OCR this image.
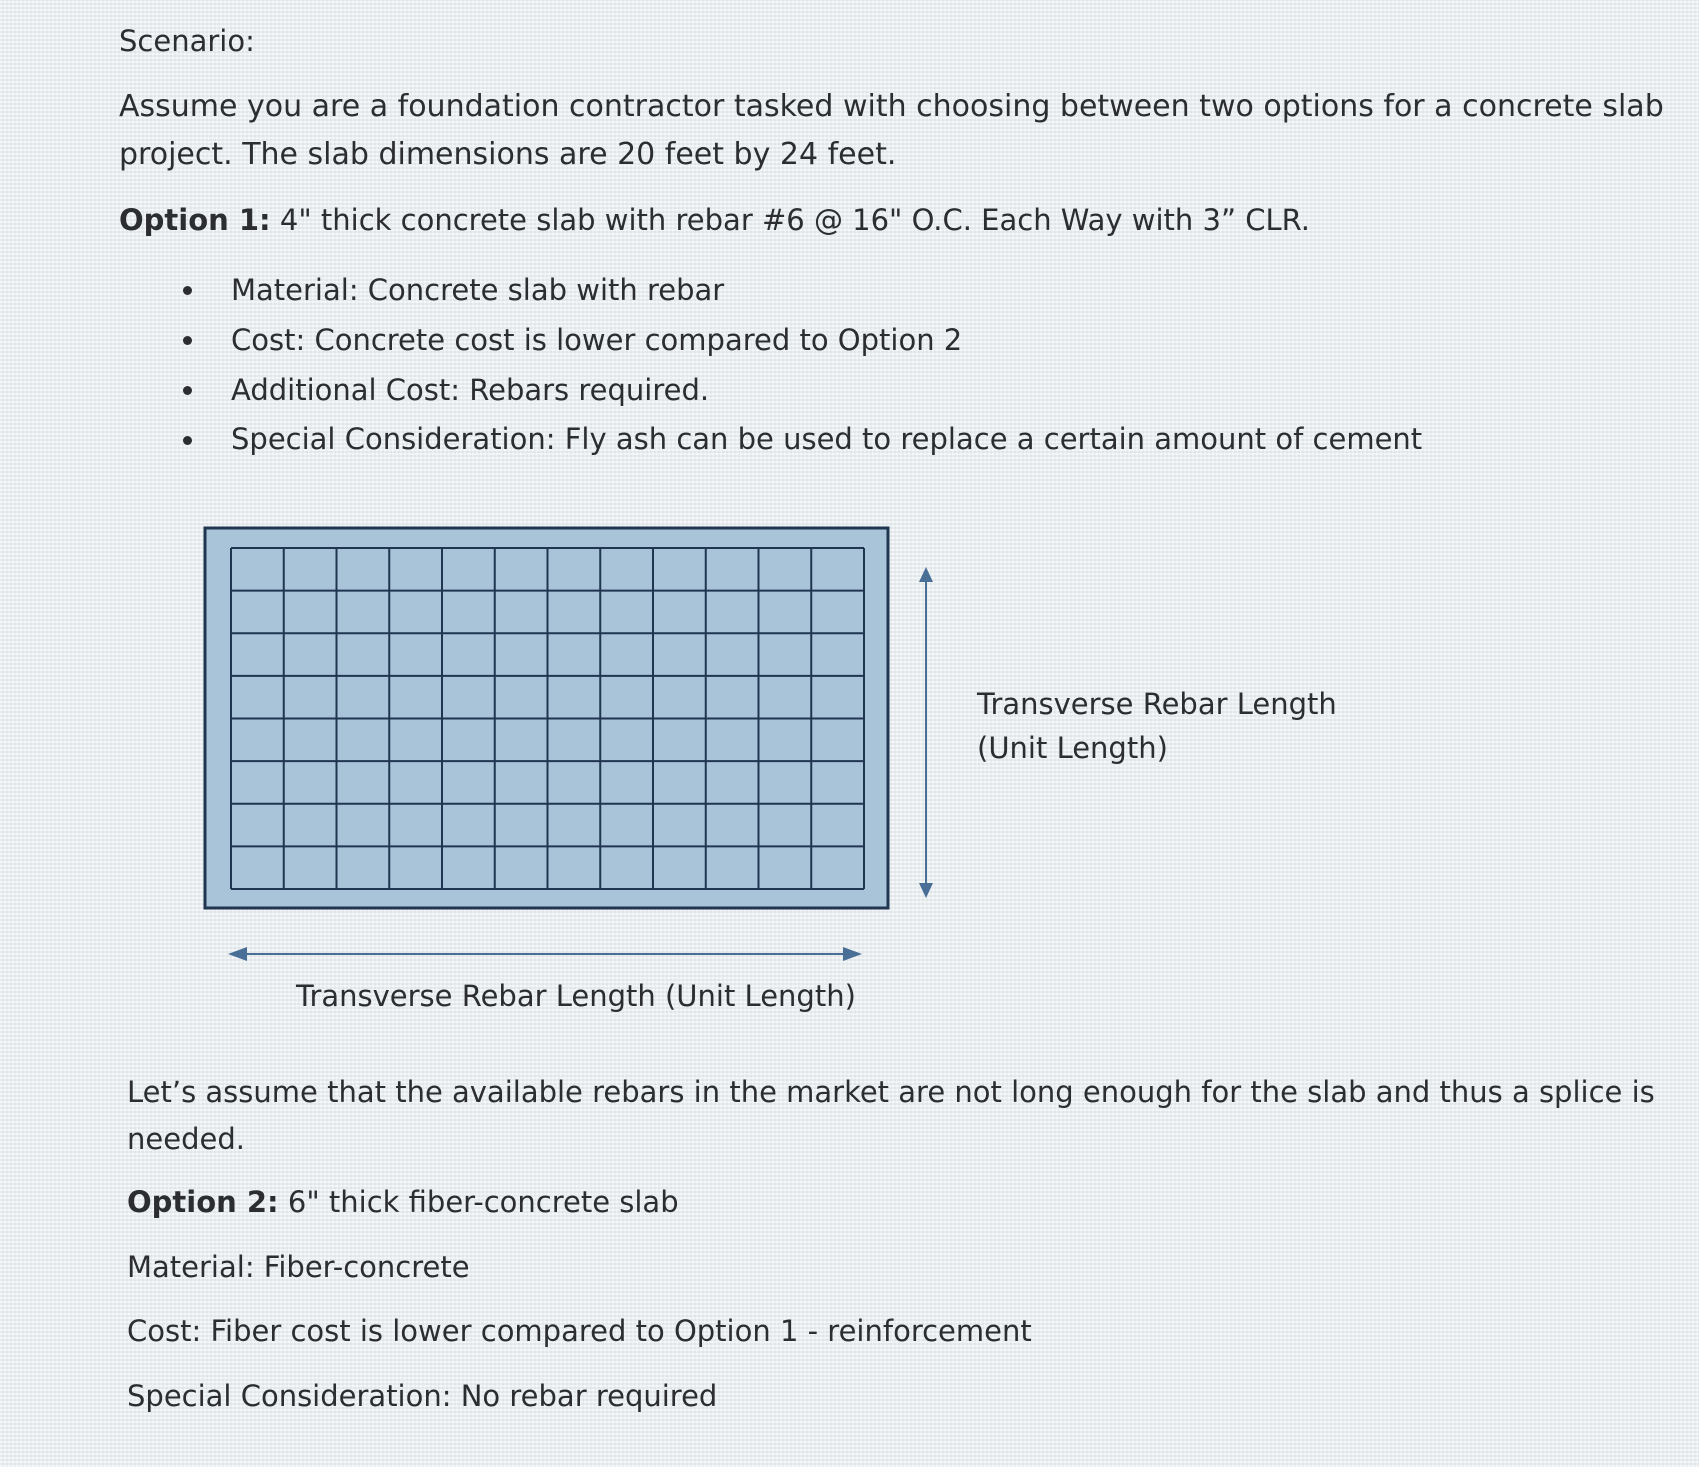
Scenario:
Assume you are a foundation contractor tasked with choosing between two options for a concrete slab
project. The slab dimensions are 20 feet by 24 feet.
Option 1: 4" thick concrete slab with rebar #6 @ 16" O.C. Each Way with 3” CLR.
Material: Concrete slab with rebar
Cost: Concrete cost is lower compared to Option 2
Additional Cost: Rebars required.
Special Consideration: Fly ash can be used to replace a certain amount of cement
Transverse Rebar Length
(Unit Length)
Transverse Rebar Length (Unit Length)
Let’s assume that the available rebars in the market are not long enough for the slab and thus a splice is
needed.
Option 2: 6" thick fiber-concrete slab
Material: Fiber-concrete
Cost: Fiber cost is lower compared to Option 1 - reinforcement
Special Consideration: No rebar required
